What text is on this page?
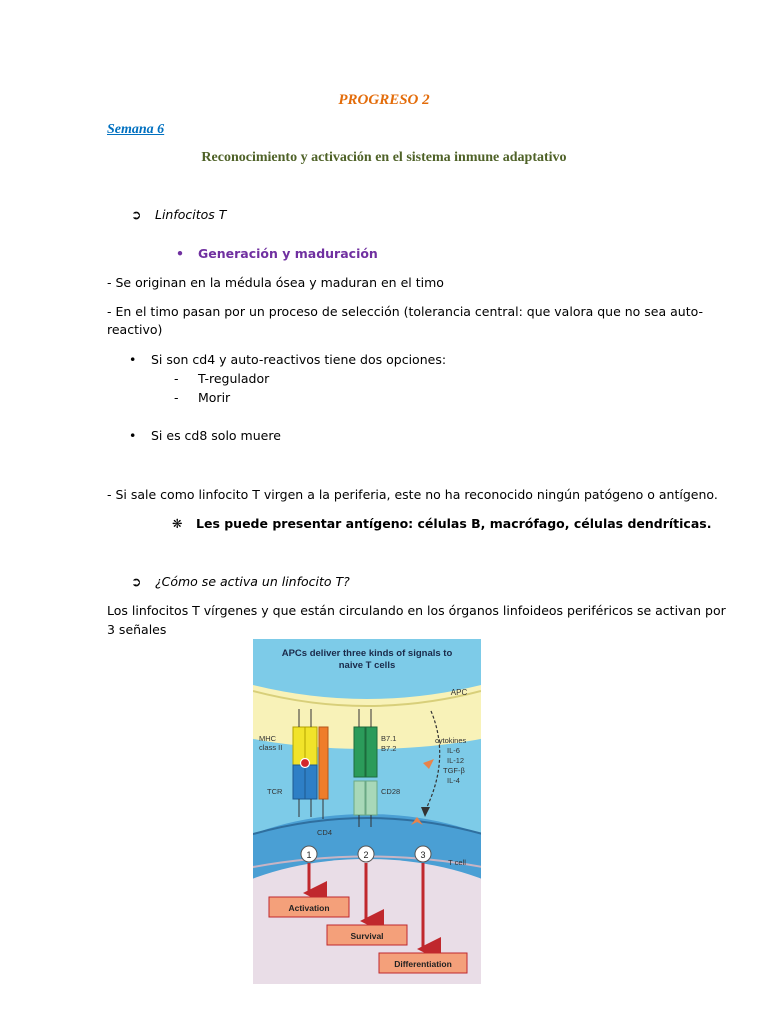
PROGRESO 2
Semana 6
Reconocimiento y activación en el sistema inmune adaptativo
➲ Linfocitos T
• Generación y maduración
- Se originan en la médula ósea y maduran en el timo
- En el timo pasan por un proceso de selección (tolerancia central: que valora que no sea auto-
reactivo)
• Si son cd4 y auto-reactivos tiene dos opciones:
- T-regulador
- Morir
• Si es cd8 solo muere
- Si sale como linfocito T virgen a la periferia, este no ha reconocido ningún patógeno o antígeno.
❋ Les puede presentar antígeno: células B, macrófago, células dendríticas.
➲ ¿Cómo se activa un linfocito T?
Los linfocitos T vírgenes y que están circulando en los órganos linfoideos periféricos se activan por
3 señales
APCs deliver three kinds of signals to
naive T cells
APC
MHC
class II
TCR
CD4
B7.1
B7.2
CD28
cytokines
IL-6
IL-12
TGF-β
IL-4
T cell
1
Activation
2
Survival
3
Differentiation
